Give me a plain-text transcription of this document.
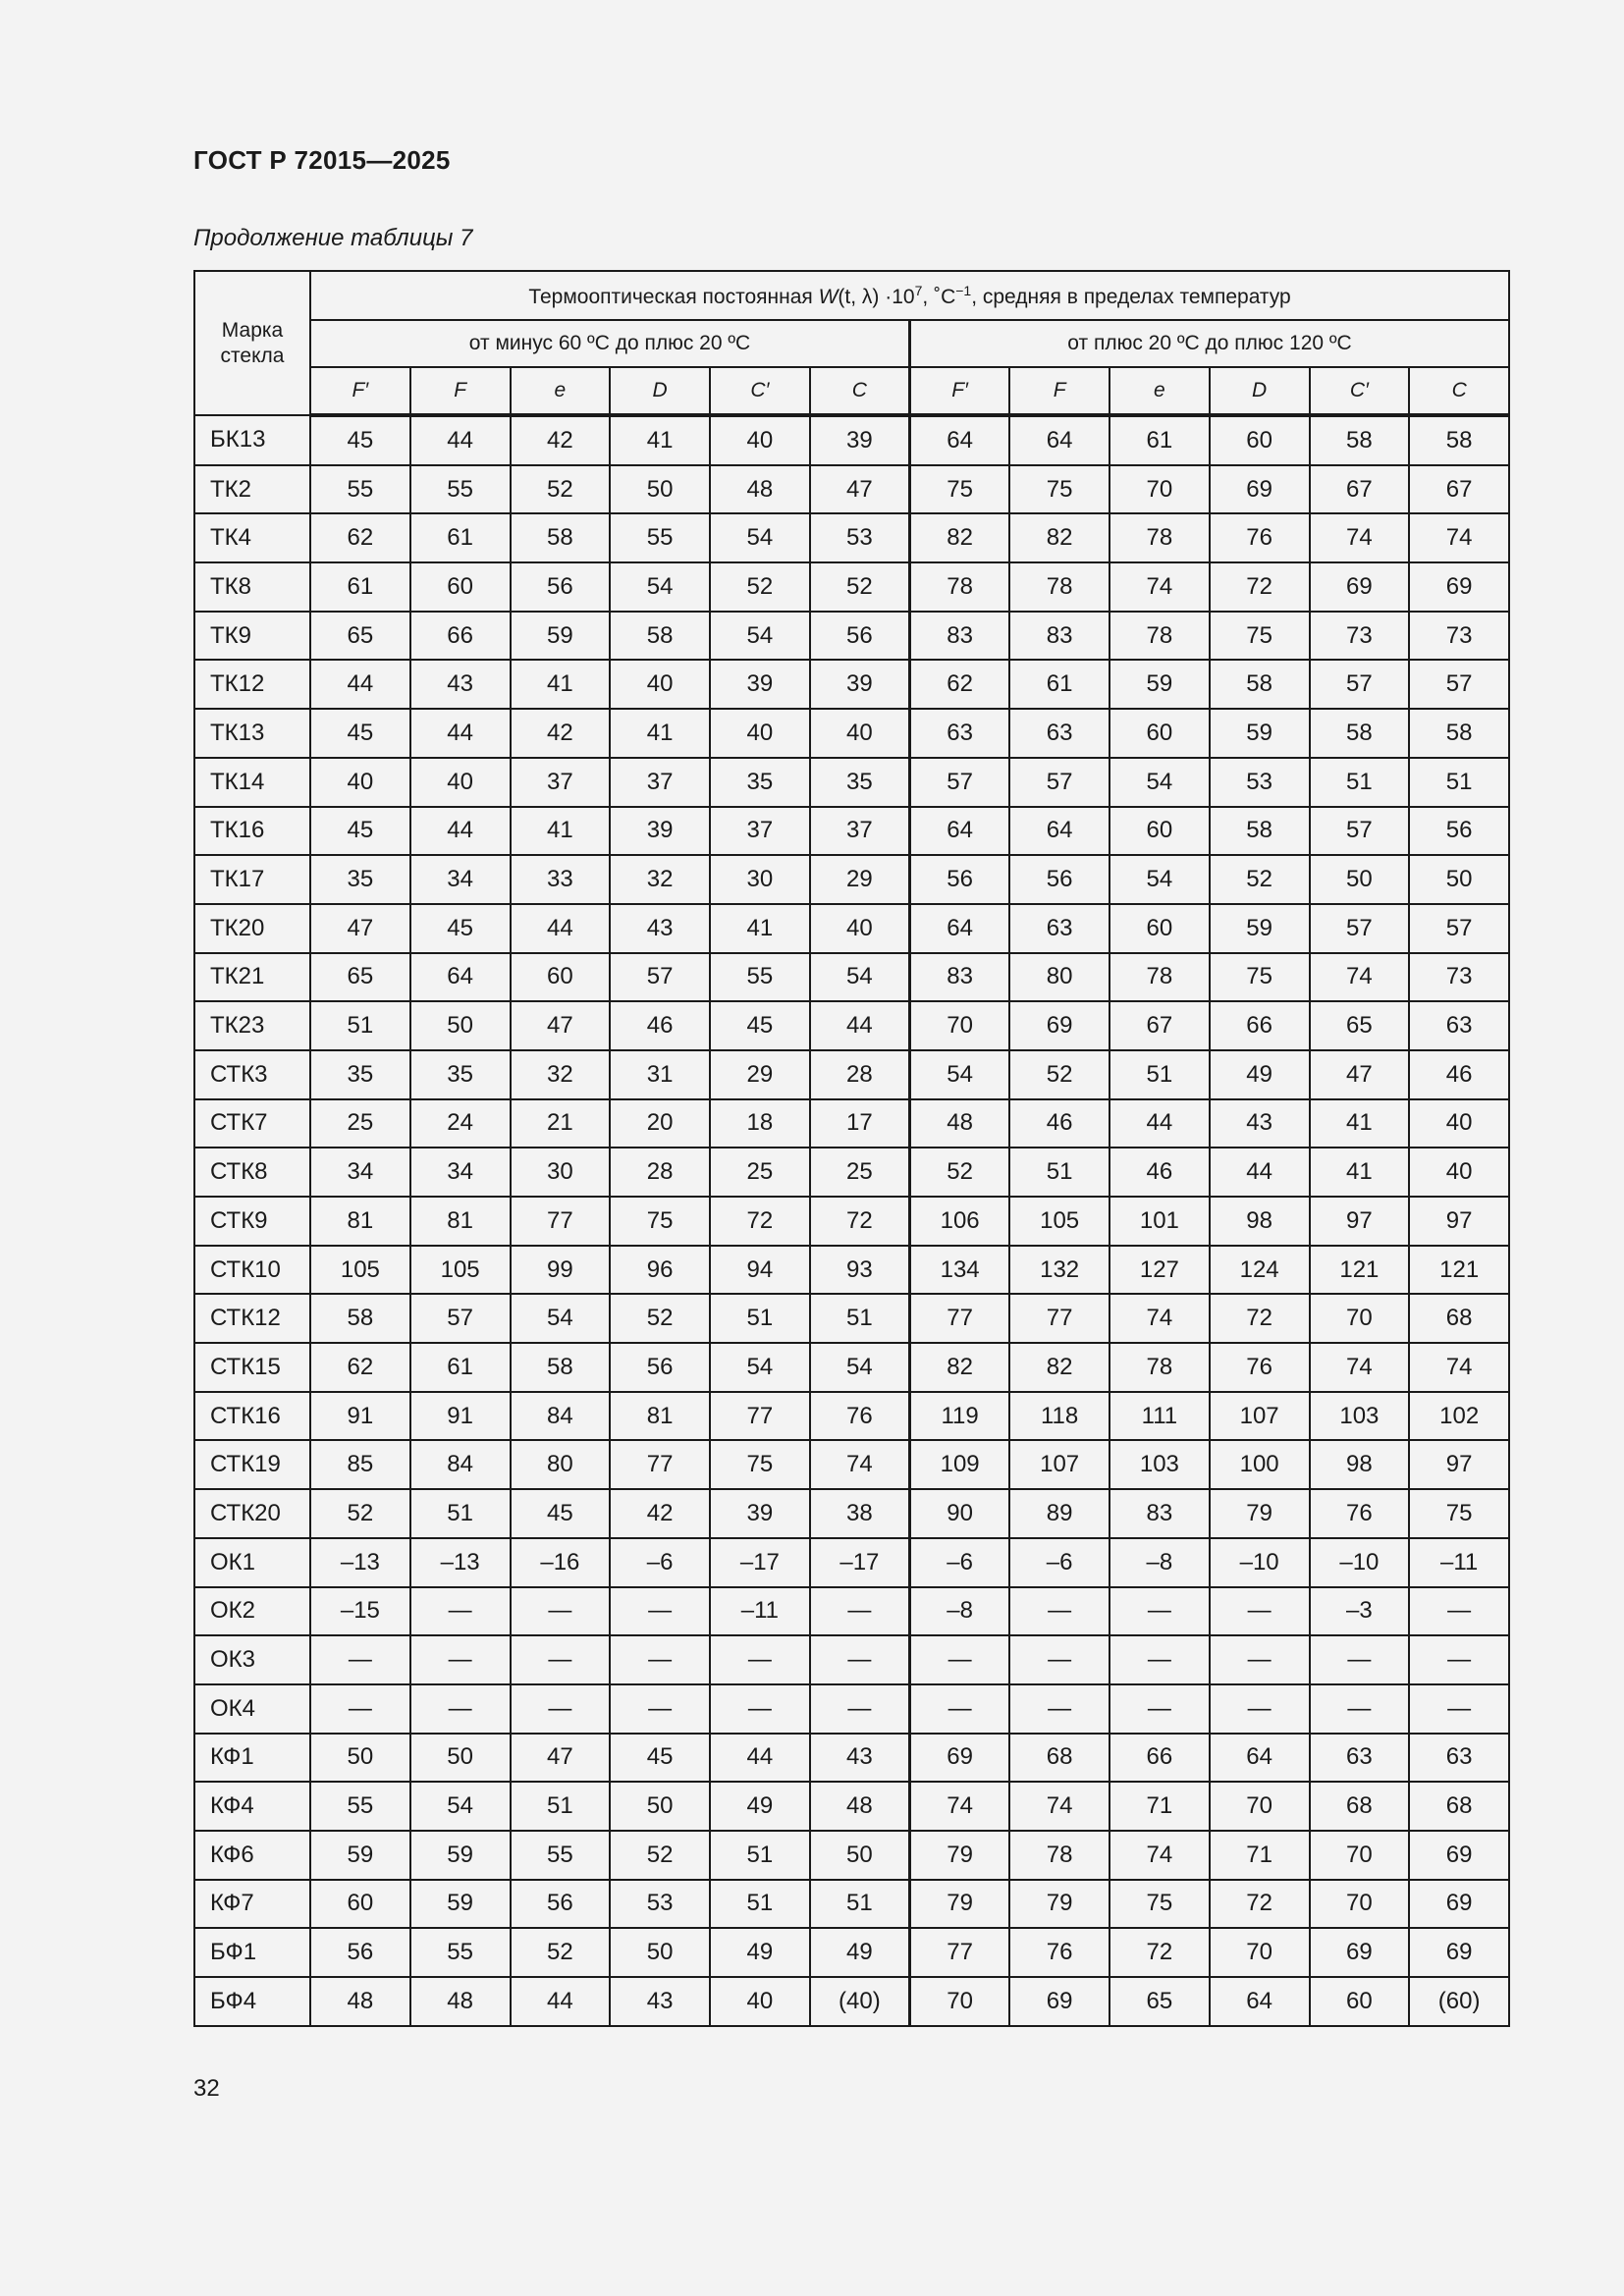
ГОСТ Р 72015—2025
Продолжение таблицы 7
Марка стекла	Термооптическая постоянная W(t, $\lambda) \cdot 10^7$, $˚C^{-1}$, средняя в пределах температур											
	от минус 60 ºС до плюс 20 ºС						от плюс 20 ºС до плюс 120 ºС					
	F′	F	e	D	C′	C	F′	F	e	D	C′	C
БК13	45	44	42	41	40	39	64	64	61	60	58	58
ТК2	55	55	52	50	48	47	75	75	70	69	67	67
ТК4	62	61	58	55	54	53	82	82	78	76	74	74
ТК8	61	60	56	54	52	52	78	78	74	72	69	69
ТК9	65	66	59	58	54	56	83	83	78	75	73	73
ТК12	44	43	41	40	39	39	62	61	59	58	57	57
ТК13	45	44	42	41	40	40	63	63	60	59	58	58
ТК14	40	40	37	37	35	35	57	57	54	53	51	51
ТК16	45	44	41	39	37	37	64	64	60	58	57	56
ТК17	35	34	33	32	30	29	56	56	54	52	50	50
ТК20	47	45	44	43	41	40	64	63	60	59	57	57
ТК21	65	64	60	57	55	54	83	80	78	75	74	73
ТК23	51	50	47	46	45	44	70	69	67	66	65	63
СТК3	35	35	32	31	29	28	54	52	51	49	47	46
СТК7	25	24	21	20	18	17	48	46	44	43	41	40
СТК8	34	34	30	28	25	25	52	51	46	44	41	40
СТК9	81	81	77	75	72	72	106	105	101	98	97	97
СТК10	105	105	99	96	94	93	134	132	127	124	121	121
СТК12	58	57	54	52	51	51	77	77	74	72	70	68
СТК15	62	61	58	56	54	54	82	82	78	76	74	74
СТК16	91	91	84	81	77	76	119	118	111	107	103	102
СТК19	85	84	80	77	75	74	109	107	103	100	98	97
СТК20	52	51	45	42	39	38	90	89	83	79	76	75
ОК1	–13	–13	–16	–6	–17	–17	–6	–6	–8	–10	–10	–11
ОК2	–15	—	—	—	–11	—	–8	—	—	—	–3	—
ОК3	—	—	—	—	—	—	—	—	—	—	—	—
ОК4	—	—	—	—	—	—	—	—	—	—	—	—
КФ1	50	50	47	45	44	43	69	68	66	64	63	63
КФ4	55	54	51	50	49	48	74	74	71	70	68	68
КФ6	59	59	55	52	51	50	79	78	74	71	70	69
КФ7	60	59	56	53	51	51	79	79	75	72	70	69
БФ1	56	55	52	50	49	49	77	76	72	70	69	69
БФ4	48	48	44	43	40	(40)	70	69	65	64	60	(60)
32
